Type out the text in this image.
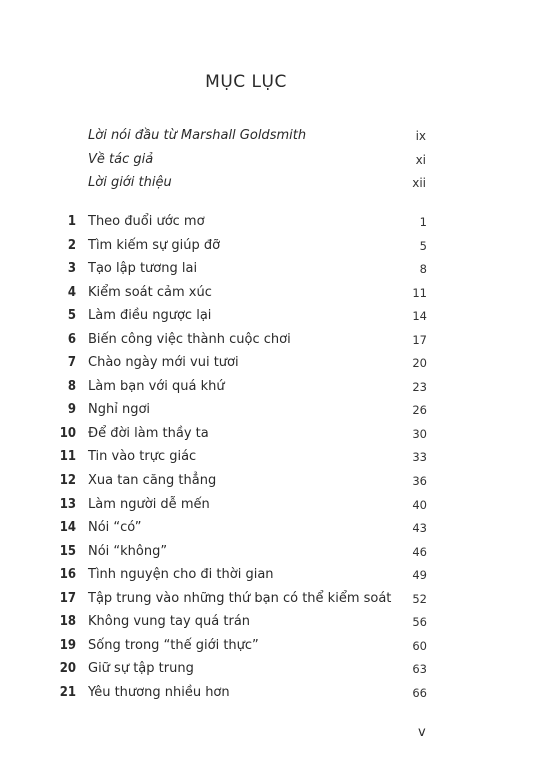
MỤC LỤC
Lời nói đầu từ Marshall Goldsmith	ix
Về tác giả	xi
Lời giới thiệu	xii
1 Theo đuổi ước mơ	1
2 Tìm kiếm sự giúp đỡ	5
3 Tạo lập tương lai	8
4 Kiểm soát cảm xúc	11
5 Làm điều ngược lại	14
6 Biến công việc thành cuộc chơi	17
7 Chào ngày mới vui tươi	20
8 Làm bạn với quá khứ	23
9 Nghỉ ngơi	26
10 Để đời làm thầy ta	30
11 Tin vào trực giác	33
12 Xua tan căng thẳng	36
13 Làm người dễ mến	40
14 Nói “có”	43
15 Nói “không”	46
16 Tình nguyện cho đi thời gian	49
17 Tập trung vào những thứ bạn có thể kiểm soát 52
18 Không vung tay quá trán	56
19 Sống trong “thế giới thực”	60
20 Giữ sự tập trung	63
21 Yêu thương nhiều hơn	66
v
